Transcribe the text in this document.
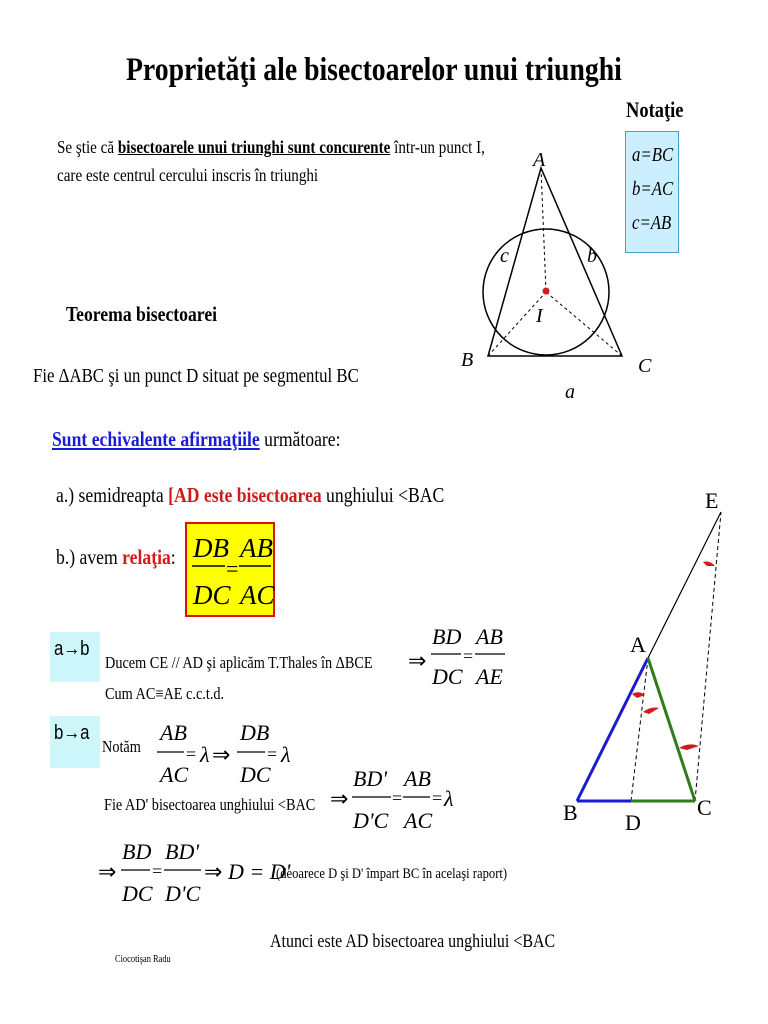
Proprietăţi ale bisectoarelor unui triunghi
Se ştie că bisectoarele unui triunghi sunt concurente într-un punct I,
care este centrul cercului inscris în triunghi
Notaţie
a=BC
b=AC
c=AB
A
B	C
I
c	b
a
Teorema bisectoarei
Fie ΔABC şi un punct D situat pe segmentul BC
Sunt echivalente afirmaţiile următoare:
a.) semidreapta [AD este bisectoarea unghiului <BAC
b.) avem relaţia: DB
DC
=
AB
AC
a→b
Ducem CE // AD şi aplicăm T.Thales în ΔBCE
Cum AC≡AE c.c.t.d.
⇒
BD
DC
=
AB
AE
b→a
Notăm
AB
AC
= λ ⇒
DB
DC
= λ
Fie AD' bisectoarea unghiului <BAC ⇒
BD'
D'C
=
AB
AC
= λ
⇒
BD
DC
=
BD'
D'C
⇒ D = D'
(deoarece D şi D' împart BC în acelaşi raport)
Atunci este AD bisectoarea unghiului <BAC
Ciocotişan Radu
E
A
B	C
D
